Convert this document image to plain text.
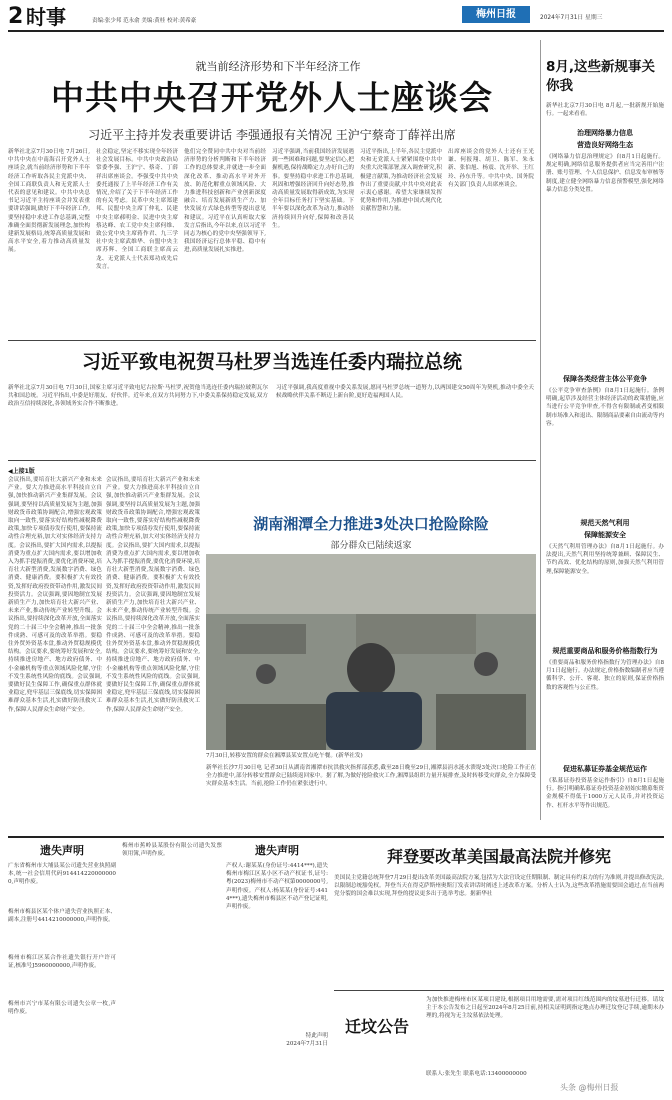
2 时事	责编:张少邦 范永俞 美编:黄桂 校对:黄希豪
梅州日报	2024年7月31日 星期三
就当前经济形势和下半年经济工作
中共中央召开党外人士座谈会
习近平主持并发表重要讲话 李强通报有关情况 王沪宁蔡奇丁薛祥出席
新华社北京7月30日电 7月26日,中共中央在中南海召开党外人士座谈会,就当前经济形势和下半年经济工作听取各民主党派中央、全国工商联负责人和无党派人士代表的意见和建议。中共中央总书记习近平主持座谈会并发表重要讲话强调,做好下半年经济工作,要坚持稳中求进工作总基调,完整准确全面贯彻新发展理念,加快构建新发展格局,统筹高质量发展和高水平安全,着力推动高质量发展。
社会稳定,坚定不移实现全年经济社会发展目标。中共中央政治局常委李强、王沪宁、蔡奇、丁薛祥出席座谈会。李强受中共中央委托通报了上半年经济工作有关情况,介绍了关于下半年经济工作的有关考虑。民革中央主席郑建邦、民盟中央主席丁仲礼、民建中央主席郝明金、民进中央主席蔡达峰、农工党中央主席何维、致公党中央主席蒋作君、九三学社中央主席武维华、台盟中央主席苏辉、全国工商联主席高云龙、无党派人士代表郑功成先后发言。
他们完全赞同中共中央对当前经济形势的分析判断和下半年经济工作的总体要求,并就进一步全面深化改革、推动高水平对外开放、防范化解重点领域风险、大力推进科技创新和产业创新深度融合、培育发展新质生产力、加快发展方式绿色转型等提出意见和建议。习近平在认真听取大家发言后指出,今年以来,在以习近平同志为核心的党中央坚强领导下,我国经济运行总体平稳、稳中有进,高质量发展扎实推进。
习近平强调,当前我国经济发展遇到一些困难和问题,要坚定信心,把握机遇,保持战略定力,办好自己的事。要坚持稳中求进工作总基调,巩固和增强经济回升向好态势,推动高质量发展取得新成效,为实现全年目标任务打下坚实基础。下半年要以深化改革为动力,推动经济持续回升向好,保障和改善民生。
习近平指出,上半年,各民主党派中央和无党派人士紧紧围绕中共中央重大决策部署,深入调查研究,积极建言献策,为推动经济社会发展作出了重要贡献,中共中央对此表示衷心感谢。希望大家继续发挥优势和作用,为推进中国式现代化贡献智慧和力量。
出席座谈会的党外人士还有王光谦、何报翔、胡卫、陈军、朱永新、张伯旭、杨震、沈开举、王红玲、孙东升等。中共中央、国务院有关部门负责人出席座谈会。
8月,这些新规事关你我
新华社北京7月30日电 8月起,一批新规开始施行。一起来看看。
治理网络暴力信息
营造良好网络生态
《网络暴力信息治理规定》自8月1日起施行。规定明确,网络信息服务提供者应当完善用户注册、账号管理、个人信息保护、信息发布审核等制度,建立健全网络暴力信息预警模型,强化网络暴力信息分类处置。
保障各类经营主体公平竞争
《公平竞争审查条例》自8月1日起施行。条例明确,起草涉及经营主体经济活动的政策措施,应当进行公平竞争审查,不得含有限制或者变相限制市场准入和退出、限制商品要素自由流动等内容。
规范天然气利用
保障能源安全
《天然气利用管理办法》自8月1日起施行。办法提出,天然气利用坚持统筹兼顾、保障民生、节约高效、优化结构的原则,加强天然气利用管理,保障能源安全。
规范重要商品和服务价格指数行为
《重要商品和服务价格指数行为管理办法》自8月1日起施行。办法规定,价格指数编制者应当遵循科学、公开、客观、独立的原则,保证价格指数的客观性与公正性。
促进私募证券基金规范运作
《私募证券投资基金运作指引》自8月1日起施行。指引明确私募证券投资基金初始实缴募集资金规模不得低于1000万元人民币,并对投资运作、杠杆水平等作出规范。
习近平致电祝贺马杜罗当选连任委内瑞拉总统
新华社北京7月30日电 7月30日,国家主席习近平致电尼古拉斯·马杜罗,祝贺他当选连任委内瑞拉玻利瓦尔共和国总统。习近平指出,中委是好朋友、好伙伴。近年来,在双方共同努力下,中委关系保持稳定发展,双方政治互信持续深化,各领域务实合作不断推进。
习近平强调,我高度重视中委关系发展,愿同马杜罗总统一道努力,以两国建交50周年为契机,推动中委全天候战略伙伴关系不断迈上新台阶,更好造福两国人民。
◀上接1版
会议指出,要培育壮大新兴产业和未来产业。要大力推进高水平科技自立自强,加快推动新兴产业集群发展。会议强调,要坚持以高质量发展为主题,加强财政货币政策协调配合,增强宏观政策取向一致性,要落实好结构性减税降费政策,加快专项债券发行使用,要保持流动性合理充裕,加大对实体经济支持力度。会议指出,要扩大国内需求,以提振消费为重点扩大国内需求,要以增加收入为抓手提振消费,要优化消费环境,培育壮大新型消费,发展数字消费、绿色消费、健康消费。要积极扩大有效投资,发挥好政府投资带动作用,激发民间投资活力。会议强调,要因地制宜发展新质生产力,加快培育壮大新兴产业、未来产业,推动传统产业转型升级。会议指出,要持续深化改革开放,全面落实党的二十届三中全会精神,推出一批条件成熟、可感可及的改革举措。要稳住外贸外资基本盘,推动外贸稳规模优结构。会议要求,要统筹好发展和安全,持续推进房地产、地方政府债务、中小金融机构等重点领域风险化解,守住不发生系统性风险的底线。会议强调,要做好民生保障工作,确保重点群体就业稳定,兜牢基层三保底线,切实保障困难群众基本生活,扎实做好防汛救灾工作,保障人民群众生命财产安全。
会议指出,要培育壮大新兴产业和未来产业。要大力推进高水平科技自立自强,加快推动新兴产业集群发展。会议强调,要坚持以高质量发展为主题,加强财政货币政策协调配合,增强宏观政策取向一致性,要落实好结构性减税降费政策,加快专项债券发行使用,要保持流动性合理充裕,加大对实体经济支持力度。会议指出,要扩大国内需求,以提振消费为重点扩大国内需求,要以增加收入为抓手提振消费,要优化消费环境,培育壮大新型消费,发展数字消费、绿色消费、健康消费。要积极扩大有效投资,发挥好政府投资带动作用,激发民间投资活力。会议强调,要因地制宜发展新质生产力,加快培育壮大新兴产业、未来产业,推动传统产业转型升级。会议指出,要持续深化改革开放,全面落实党的二十届三中全会精神,推出一批条件成熟、可感可及的改革举措。要稳住外贸外资基本盘,推动外贸稳规模优结构。会议要求,要统筹好发展和安全,持续推进房地产、地方政府债务、中小金融机构等重点领域风险化解,守住不发生系统性风险的底线。会议强调,要做好民生保障工作,确保重点群体就业稳定,兜牢基层三保底线,切实保障困难群众基本生活,扎实做好防汛救灾工作,保障人民群众生命财产安全。
湖南湘潭全力推进3处决口抢险除险
部分群众已陆续返家
7月30日,转移安置的群众在湘潭县某安置点吃午餐。(新华社发)
新华社长沙7月30日电 记者30日从湖南省湘潭市抗洪救灾指挥部获悉,截至28日晚至29日,湘潭县涓水涟水溃堤3处决口抢险工作正在全力推进中,部分转移安置群众已陆续返回家中。据了解,为做好抢险救灾工作,湘潭县组织力量开展排查,及时转移受灾群众,全力保障受灾群众基本生活。当前,抢险工作仍在紧张进行中。
遗失声明
广东省梅州市大埔县某公司遗失营业执照副本,统一社会信用代码9144142200000000,声明作废。
梅州市梅县区某个体户遗失营业执照正本、副本,注册号4414210000000,声明作废。
梅州市梅江区某合作社遗失银行开户许可证,核准号J5960000000,声明作废。
梅州市兴宁市某有限公司遗失公章一枚,声明作废。
梅州市蕉岭县某股份有限公司遗失发票领用簿,声明作废。	遗失声明
产权人:谢某某(身份证号:4414***),遗失梅州市梅江区某小区不动产权证书,证号:粤(2023)梅州市不动产权第0000000号,声明作废。产权人:杨某某(身份证号:4414***),遗失梅州市梅县区不动产登记证明,声明作废。
特此声明
2024年7月31日
拜登要改革美国最高法院并修宪
美国民主党籍总统拜登7月29日提出改革美国最高法院方案,包括为大法官设定任期限制、制定具有约束力的行为准则,并提出修改宪法,以限制总统豁免权。拜登当天在得克萨斯州奥斯汀发表讲话时阐述上述改革方案。分析人士认为,这些改革措施需要国会通过,在当前两党分裂的国会难以实现,拜登的提议更多出于选举考虑。据新华社
迁坟公告
为加快推进梅州市区某项目建设,根据项目用地需要,需对项目红线范围内的坟墓进行迁移。请坟主于本公告发布之日起至2024年8月25日前,持相关证明到指定地点办理迁坟登记手续,逾期未办理的,将视为无主坟墓依法处理。
联系人:张先生 联系电话:13400000000
头条 @梅州日报
